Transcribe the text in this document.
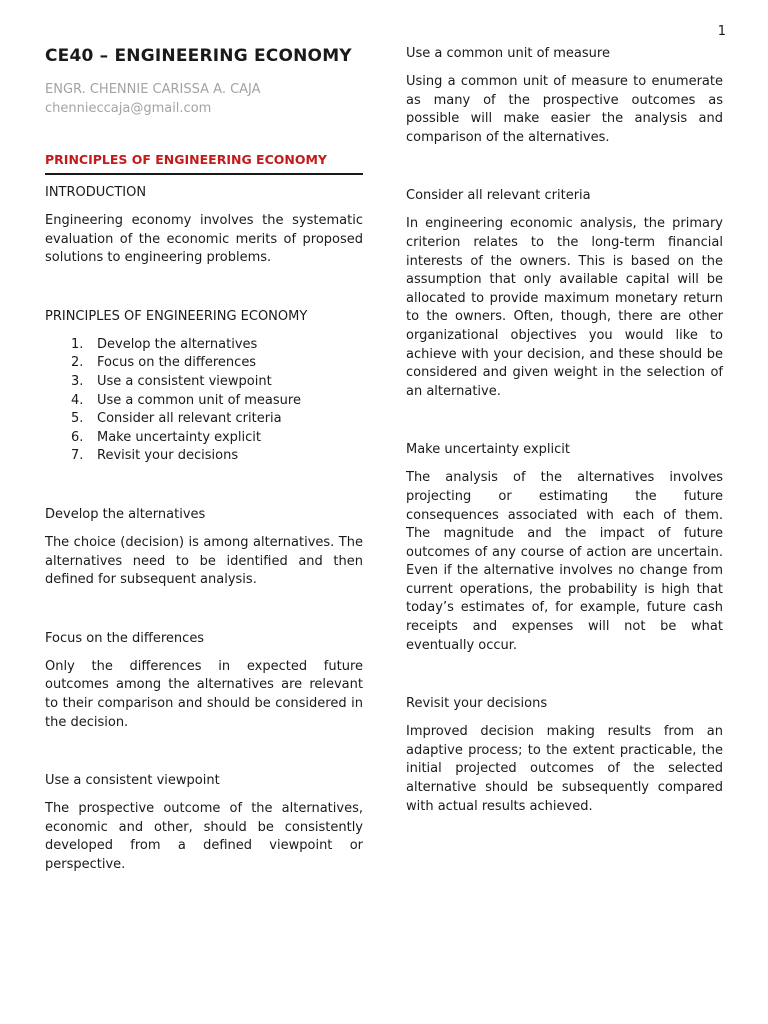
1
CE40 – ENGINEERING ECONOMY
ENGR. CHENNIE CARISSA A. CAJA
chennieccaja@gmail.com
PRINCIPLES OF ENGINEERING ECONOMY
INTRODUCTION

Engineering economy involves the systematic evaluation of the economic merits of proposed solutions to engineering problems.

PRINCIPLES OF ENGINEERING ECONOMY
1.	Develop the alternatives
2.	Focus on the differences
3.	Use a consistent viewpoint
4.	Use a common unit of measure
5.	Consider all relevant criteria
6.	Make uncertainty explicit
7.	Revisit your decisions
Develop the alternatives

The choice (decision) is among alternatives. The alternatives need to be identified and then defined for subsequent analysis.

Focus on the differences

Only the differences in expected future outcomes among the alternatives are relevant to their comparison and should be considered in the decision.

Use a consistent viewpoint

The prospective outcome of the alternatives, economic and other, should be consistently developed from a defined viewpoint or perspective.

Use a common unit of measure

Using a common unit of measure to enumerate as many of the prospective outcomes as possible will make easier the analysis and comparison of the alternatives.

Consider all relevant criteria

In engineering economic analysis, the primary criterion relates to the long-term financial interests of the owners. This is based on the assumption that only available capital will be allocated to provide maximum monetary return to the owners. Often, though, there are other organizational objectives you would like to achieve with your decision, and these should be considered and given weight in the selection of an alternative.

Make uncertainty explicit

The analysis of the alternatives involves projecting or estimating the future consequences associated with each of them. The magnitude and the impact of future outcomes of any course of action are uncertain. Even if the alternative involves no change from current operations, the probability is high that today’s estimates of, for example, future cash receipts and expenses will not be what eventually occur.

Revisit your decisions

Improved decision making results from an adaptive process; to the extent practicable, the initial projected outcomes of the selected alternative should be subsequently compared with actual results achieved.
